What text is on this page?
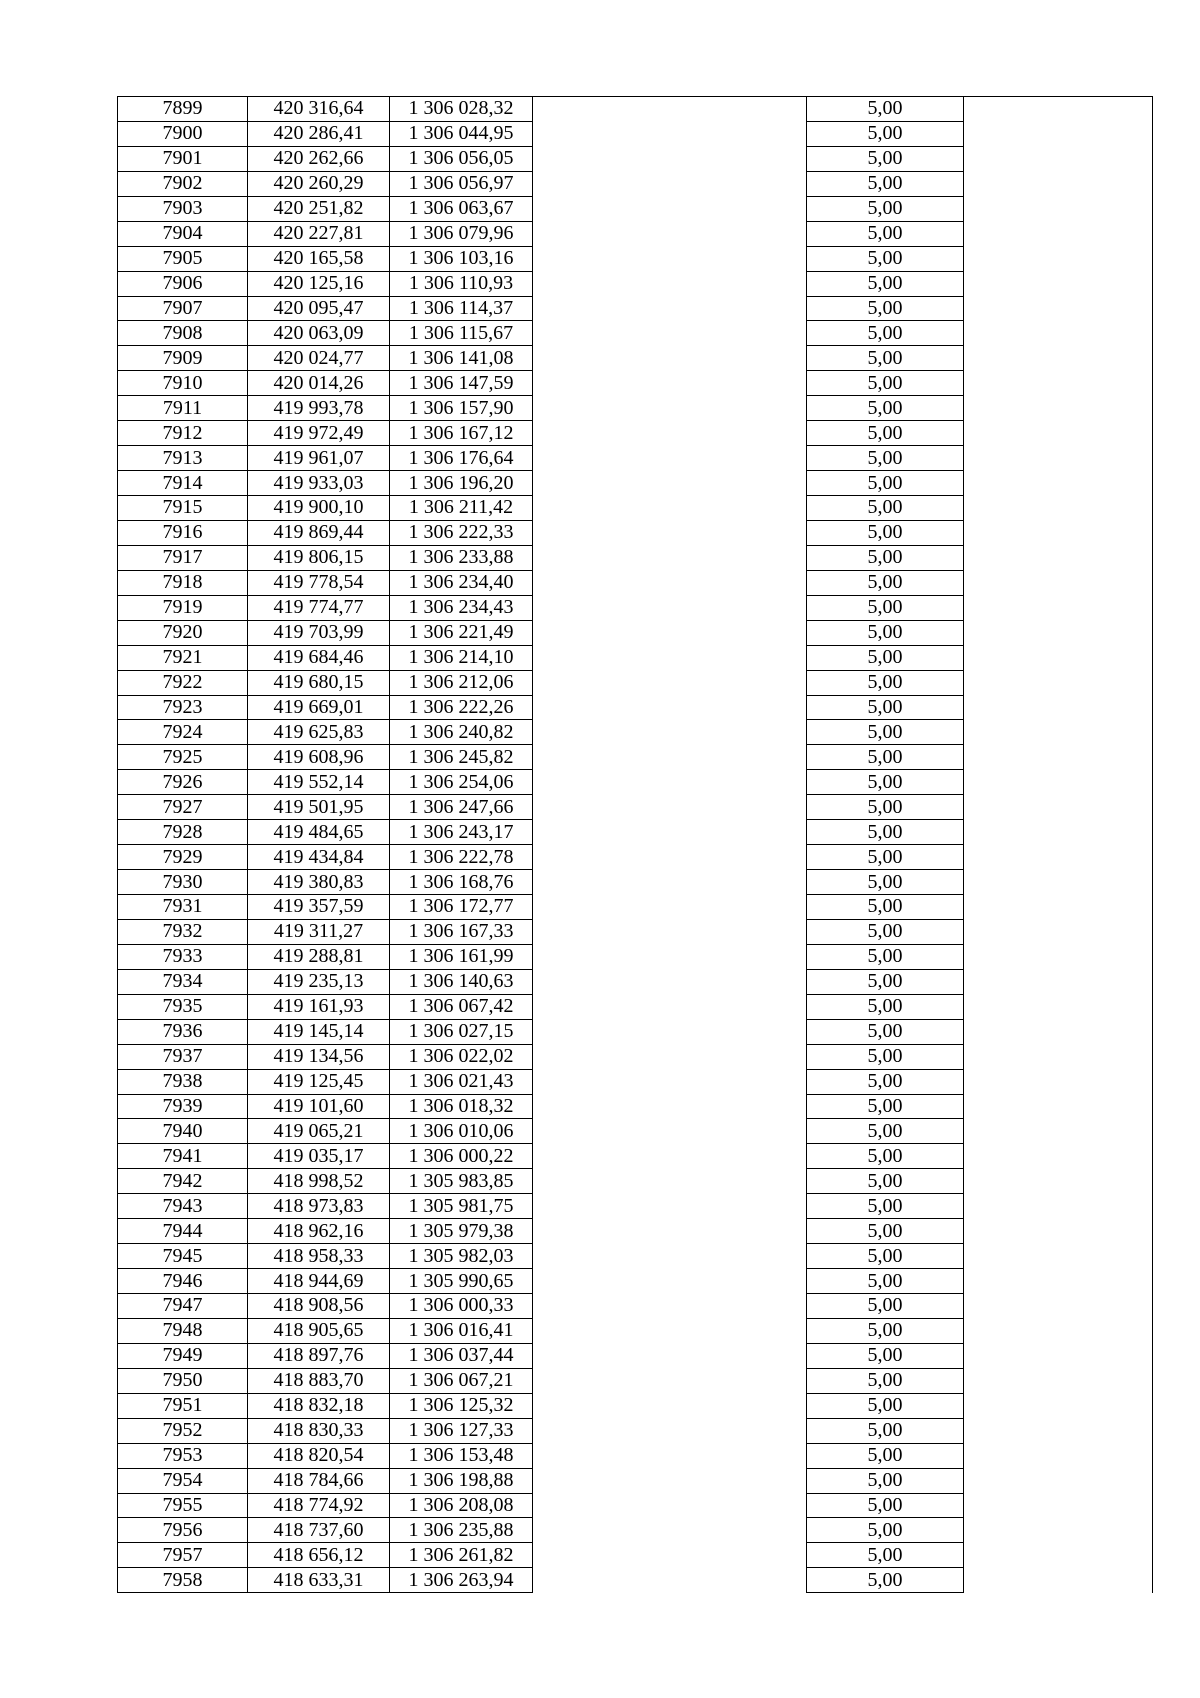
7899	420 316,64	1 306 028,32		5,00	
7900	420 286,41	1 306 044,95		5,00	
7901	420 262,66	1 306 056,05		5,00	
7902	420 260,29	1 306 056,97		5,00	
7903	420 251,82	1 306 063,67		5,00	
7904	420 227,81	1 306 079,96		5,00	
7905	420 165,58	1 306 103,16		5,00	
7906	420 125,16	1 306 110,93		5,00	
7907	420 095,47	1 306 114,37		5,00	
7908	420 063,09	1 306 115,67		5,00	
7909	420 024,77	1 306 141,08		5,00	
7910	420 014,26	1 306 147,59		5,00	
7911	419 993,78	1 306 157,90		5,00	
7912	419 972,49	1 306 167,12		5,00	
7913	419 961,07	1 306 176,64		5,00	
7914	419 933,03	1 306 196,20		5,00	
7915	419 900,10	1 306 211,42		5,00	
7916	419 869,44	1 306 222,33		5,00	
7917	419 806,15	1 306 233,88		5,00	
7918	419 778,54	1 306 234,40		5,00	
7919	419 774,77	1 306 234,43		5,00	
7920	419 703,99	1 306 221,49		5,00	
7921	419 684,46	1 306 214,10		5,00	
7922	419 680,15	1 306 212,06		5,00	
7923	419 669,01	1 306 222,26		5,00	
7924	419 625,83	1 306 240,82		5,00	
7925	419 608,96	1 306 245,82		5,00	
7926	419 552,14	1 306 254,06		5,00	
7927	419 501,95	1 306 247,66		5,00	
7928	419 484,65	1 306 243,17		5,00	
7929	419 434,84	1 306 222,78		5,00	
7930	419 380,83	1 306 168,76		5,00	
7931	419 357,59	1 306 172,77		5,00	
7932	419 311,27	1 306 167,33		5,00	
7933	419 288,81	1 306 161,99		5,00	
7934	419 235,13	1 306 140,63		5,00	
7935	419 161,93	1 306 067,42		5,00	
7936	419 145,14	1 306 027,15		5,00	
7937	419 134,56	1 306 022,02		5,00	
7938	419 125,45	1 306 021,43		5,00	
7939	419 101,60	1 306 018,32		5,00	
7940	419 065,21	1 306 010,06		5,00	
7941	419 035,17	1 306 000,22		5,00	
7942	418 998,52	1 305 983,85		5,00	
7943	418 973,83	1 305 981,75		5,00	
7944	418 962,16	1 305 979,38		5,00	
7945	418 958,33	1 305 982,03		5,00	
7946	418 944,69	1 305 990,65		5,00	
7947	418 908,56	1 306 000,33		5,00	
7948	418 905,65	1 306 016,41		5,00	
7949	418 897,76	1 306 037,44		5,00	
7950	418 883,70	1 306 067,21		5,00	
7951	418 832,18	1 306 125,32		5,00	
7952	418 830,33	1 306 127,33		5,00	
7953	418 820,54	1 306 153,48		5,00	
7954	418 784,66	1 306 198,88		5,00	
7955	418 774,92	1 306 208,08		5,00	
7956	418 737,60	1 306 235,88		5,00	
7957	418 656,12	1 306 261,82		5,00	
7958	418 633,31	1 306 263,94		5,00	
